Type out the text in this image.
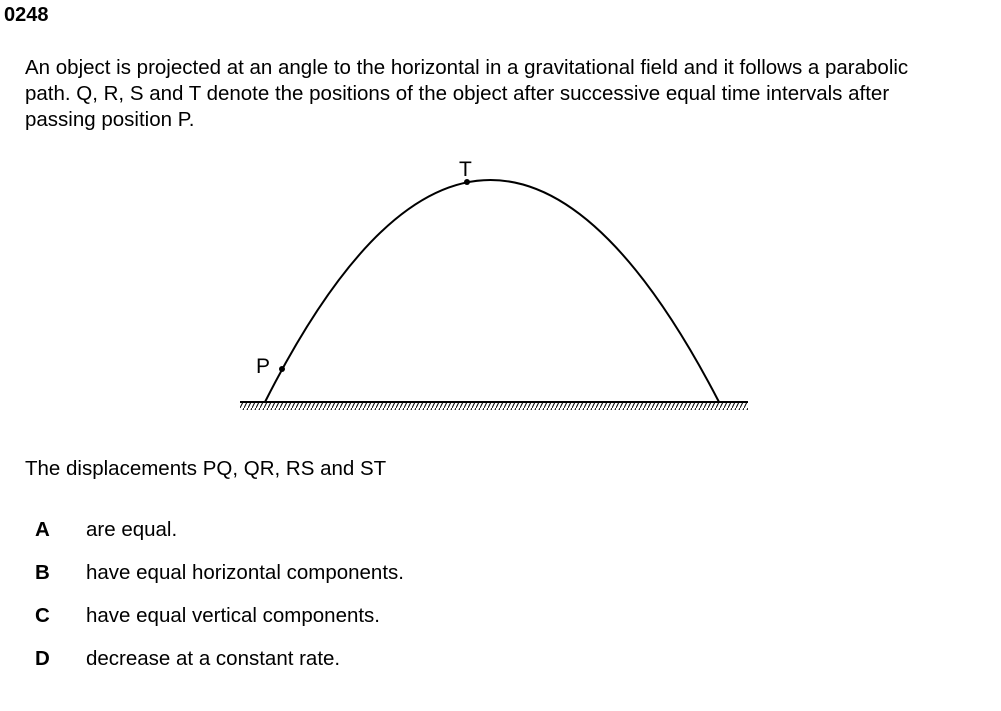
0248
An object is projected at an angle to the horizontal in a gravitational field and it follows a parabolic
path. Q, R, S and T denote the positions of the object after successive equal time intervals after
passing position P.
P
T
The displacements PQ, QR, RS and ST
A	are equal.
B	have equal horizontal components.
C	have equal vertical components.
D	decrease at a constant rate.
